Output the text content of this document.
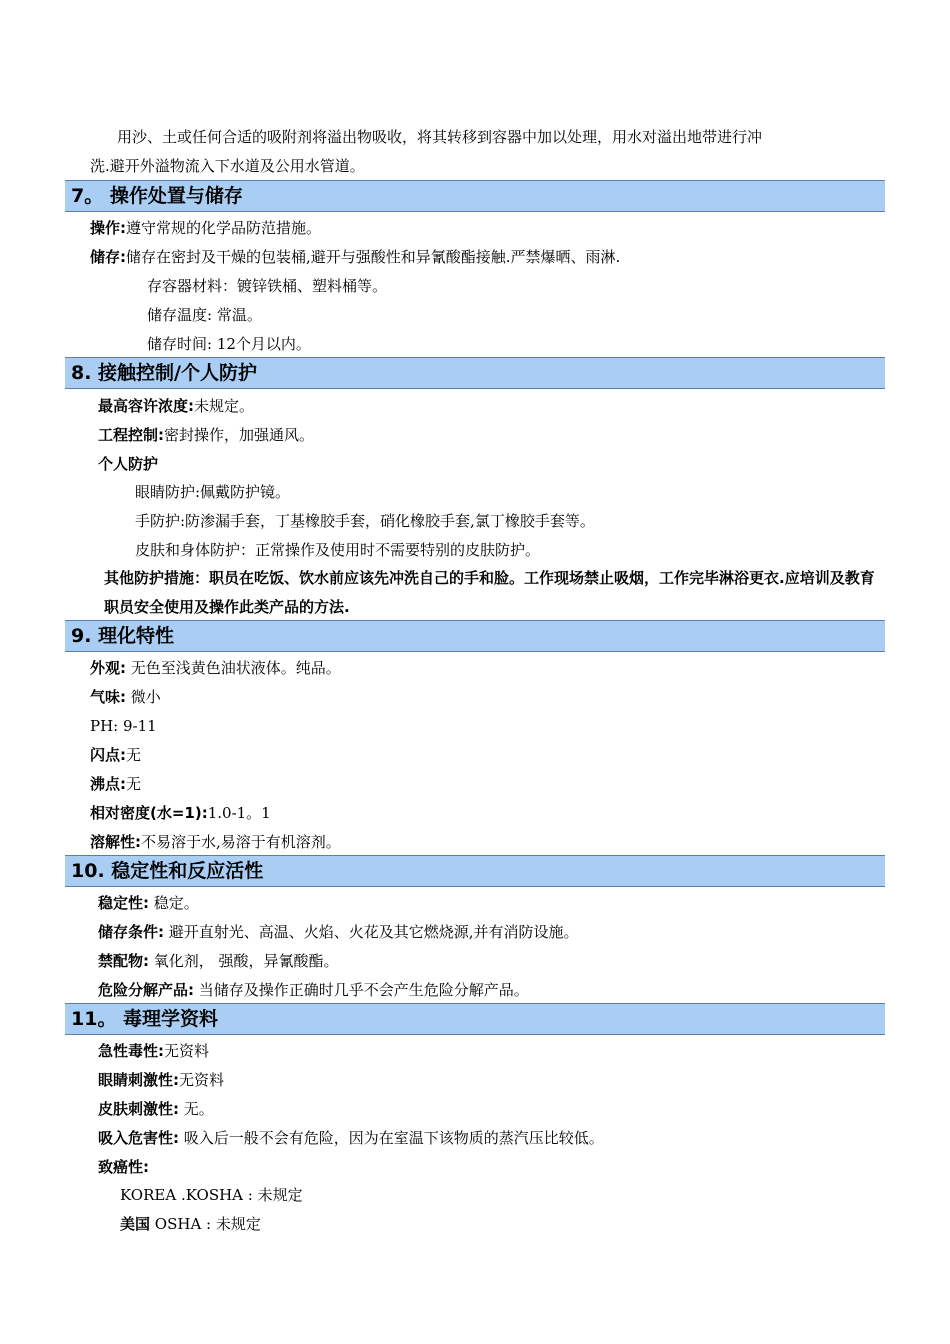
用沙、土或任何合适的吸附剂将溢出物吸收，将其转移到容器中加以处理，用水对溢出地带进行冲
洗.避开外溢物流入下水道及公用水管道。
7。 操作处置与储存
操作:遵守常规的化学品防范措施。
储存:储存在密封及干燥的包装桶,避开与强酸性和异氰酸酯接触.严禁爆晒、雨淋.
存容器材料：镀锌铁桶、塑料桶等。
储存温度: 常温。
储存时间: 12个月以内。
8. 接触控制/个人防护
最高容许浓度:未规定。
工程控制:密封操作，加强通风。
个人防护
眼睛防护:佩戴防护镜。
手防护:防渗漏手套，丁基橡胶手套，硝化橡胶手套,氯丁橡胶手套等。
皮肤和身体防护：正常操作及使用时不需要特别的皮肤防护。
其他防护措施：职员在吃饭、饮水前应该先冲洗自己的手和脸。工作现场禁止吸烟，工作完毕淋浴更衣.应培训及教育职员安全使用及操作此类产品的方法.
9. 理化特性
外观: 无色至浅黄色油状液体。纯品。
气味: 微小
PH: 9-11
闪点:无
沸点:无
相对密度(水=1):1.0-1。1
溶解性:不易溶于水,易溶于有机溶剂。
10. 稳定性和反应活性
稳定性: 稳定。
储存条件: 避开直射光、高温、火焰、火花及其它燃烧源,并有消防设施。
禁配物: 氧化剂， 强酸，异氰酸酯。
危险分解产品: 当储存及操作正确时几乎不会产生危险分解产品。
11。 毒理学资料
急性毒性:无资料
眼睛刺激性:无资料
皮肤刺激性: 无。
吸入危害性: 吸入后一般不会有危险，因为在室温下该物质的蒸汽压比较低。
致癌性:
KOREA .KOSHA : 未规定
美国 OSHA : 未规定
